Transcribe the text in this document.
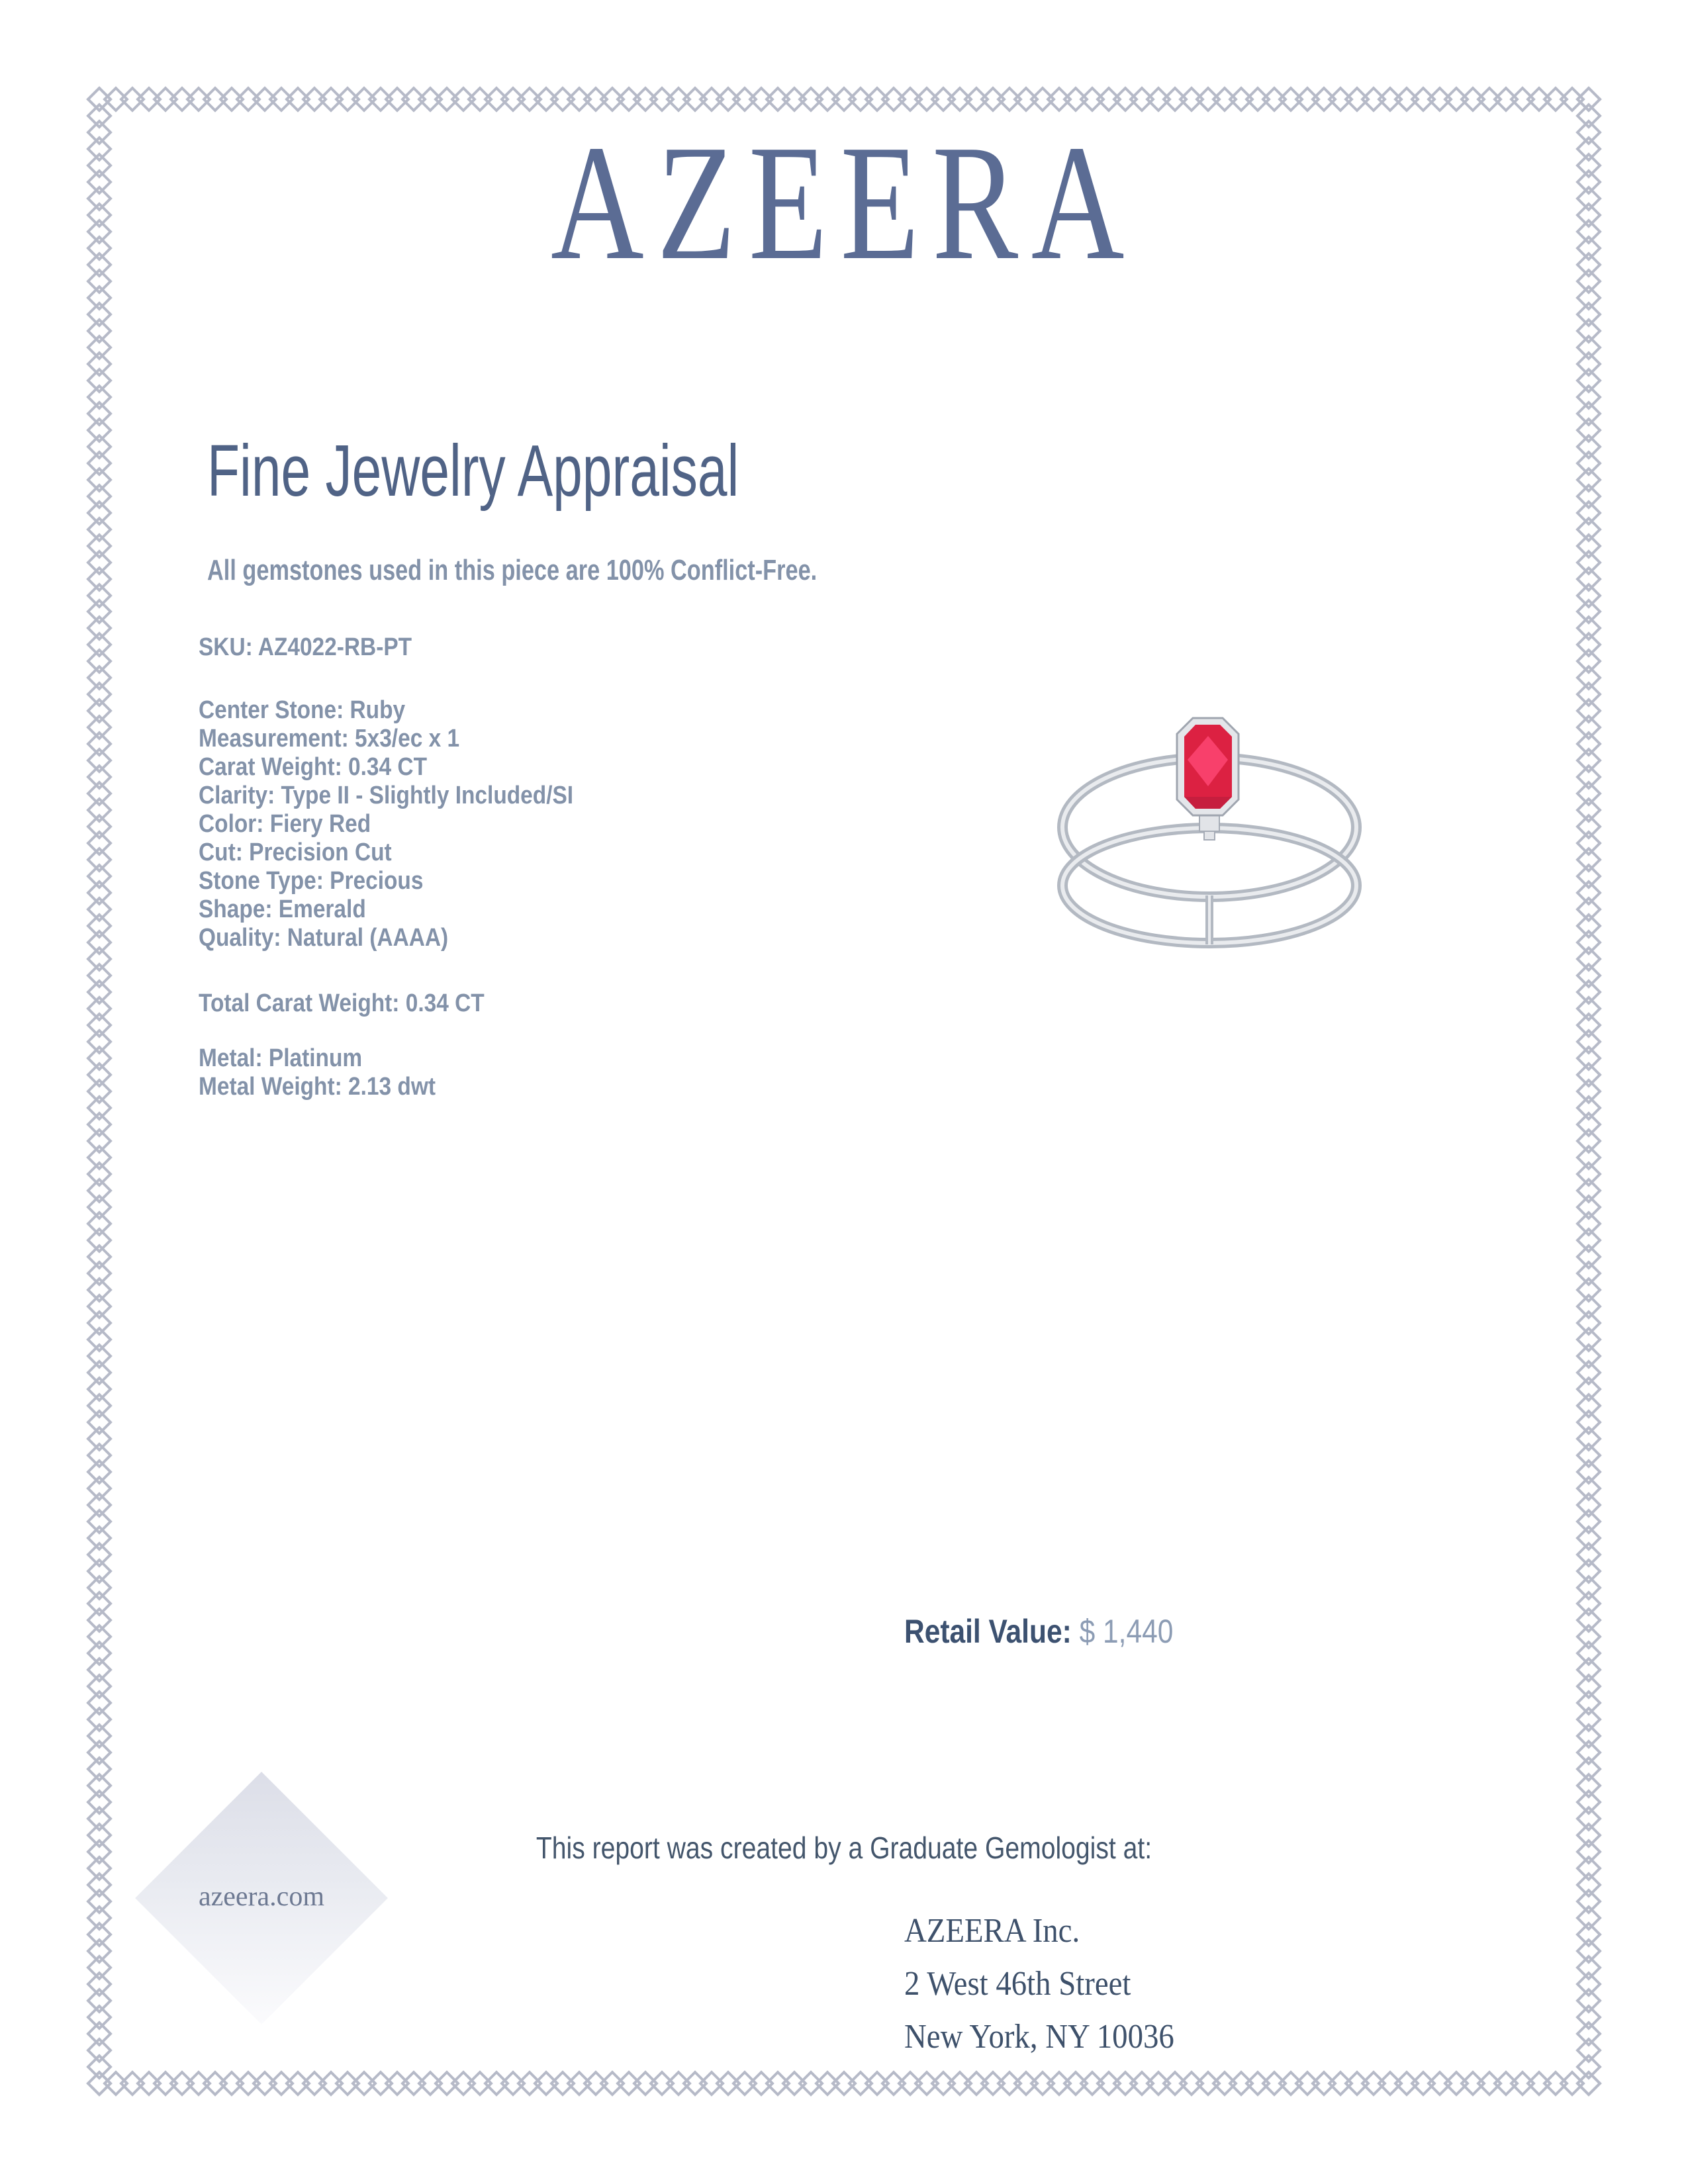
AZEERA
Fine Jewelry Appraisal
All gemstones used in this piece are 100% Conflict-Free.
SKU: AZ4022-RB-PT
Center Stone: Ruby
Measurement: 5x3/ec x 1
Carat Weight: 0.34 CT
Clarity: Type II - Slightly Included/SI
Color: Fiery Red
Cut: Precision Cut
Stone Type: Precious
Shape: Emerald
Quality: Natural (AAAA)
Total Carat Weight: 0.34 CT
Metal: Platinum
Metal Weight: 2.13 dwt
Retail Value: $ 1,440
This report was created by a Graduate Gemologist at:
AZEERA Inc.
2 West 46th Street
New York, NY 10036
azeera.com
